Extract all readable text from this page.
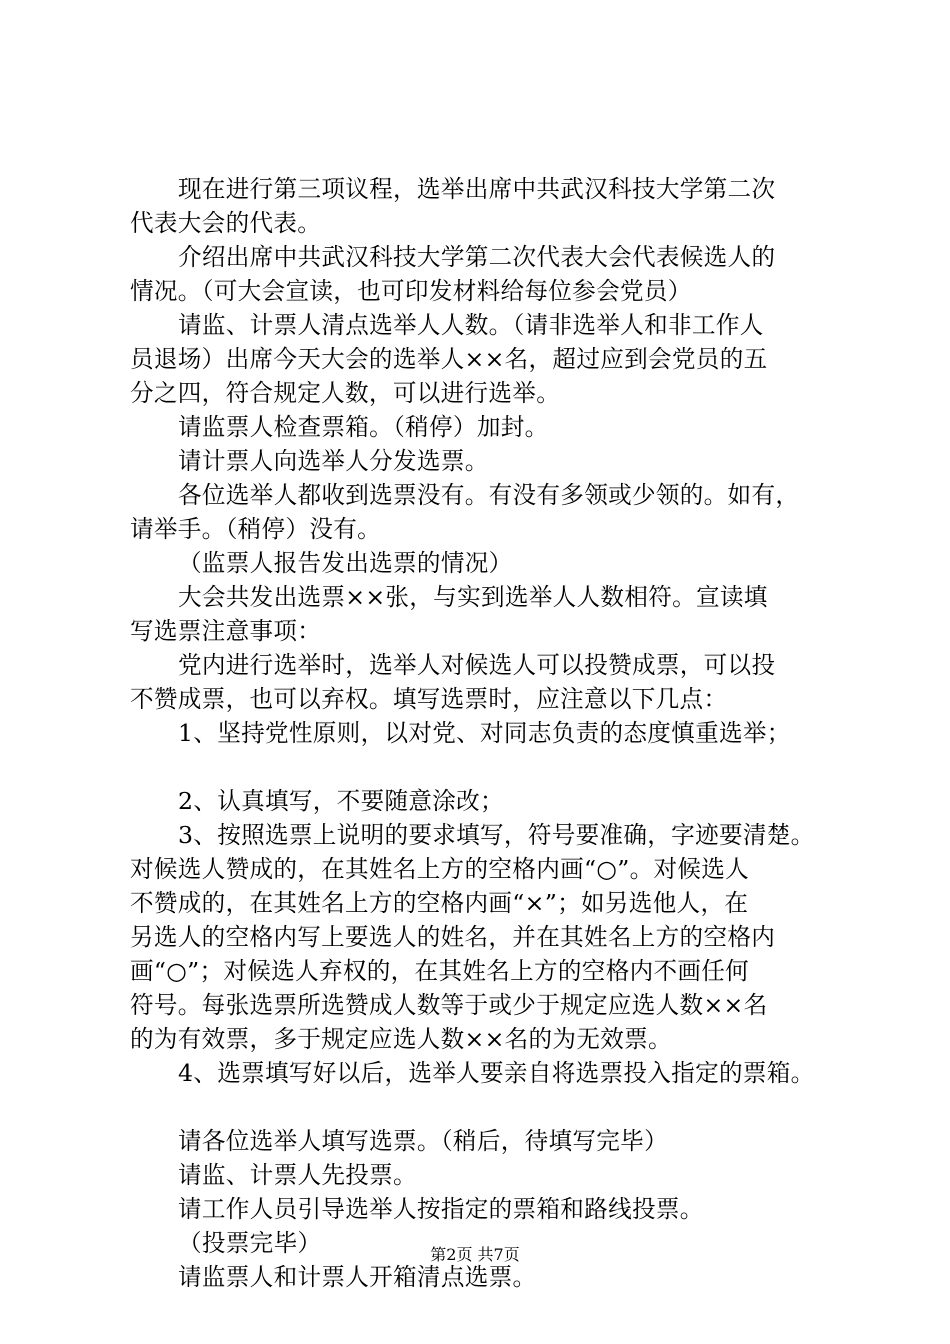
现在进行第三项议程，选举出席中共武汉科技大学第二次
代表大会的代表。
介绍出席中共武汉科技大学第二次代表大会代表候选人的
情况。（可大会宣读，也可印发材料给每位参会党员）
请监、计票人清点选举人人数。（请非选举人和非工作人
员退场）出席今天大会的选举人××名，超过应到会党员的五
分之四，符合规定人数，可以进行选举。
请监票人检查票箱。（稍停）加封。
请计票人向选举人分发选票。
各位选举人都收到选票没有。有没有多领或少领的。如有，
请举手。（稍停）没有。
（监票人报告发出选票的情况）
大会共发出选票××张，与实到选举人人数相符。宣读填
写选票注意事项：
党内进行选举时，选举人对候选人可以投赞成票，可以投
不赞成票，也可以弃权。填写选票时，应注意以下几点：
1、坚持党性原则，以对党、对同志负责的态度慎重选举；
2、认真填写，不要随意涂改；
3、按照选票上说明的要求填写，符号要准确，字迹要清楚。
对候选人赞成的，在其姓名上方的空格内画“○”。对候选人
不赞成的，在其姓名上方的空格内画“×”；如另选他人，在
另选人的空格内写上要选人的姓名，并在其姓名上方的空格内
画“○”；对候选人弃权的，在其姓名上方的空格内不画任何
符号。每张选票所选赞成人数等于或少于规定应选人数××名
的为有效票，多于规定应选人数××名的为无效票。
4、选票填写好以后，选举人要亲自将选票投入指定的票箱。
请各位选举人填写选票。（稍后，待填写完毕）
请监、计票人先投票。
请工作人员引导选举人按指定的票箱和路线投票。
（投票完毕）
请监票人和计票人开箱清点选票。
第2页 共7页
